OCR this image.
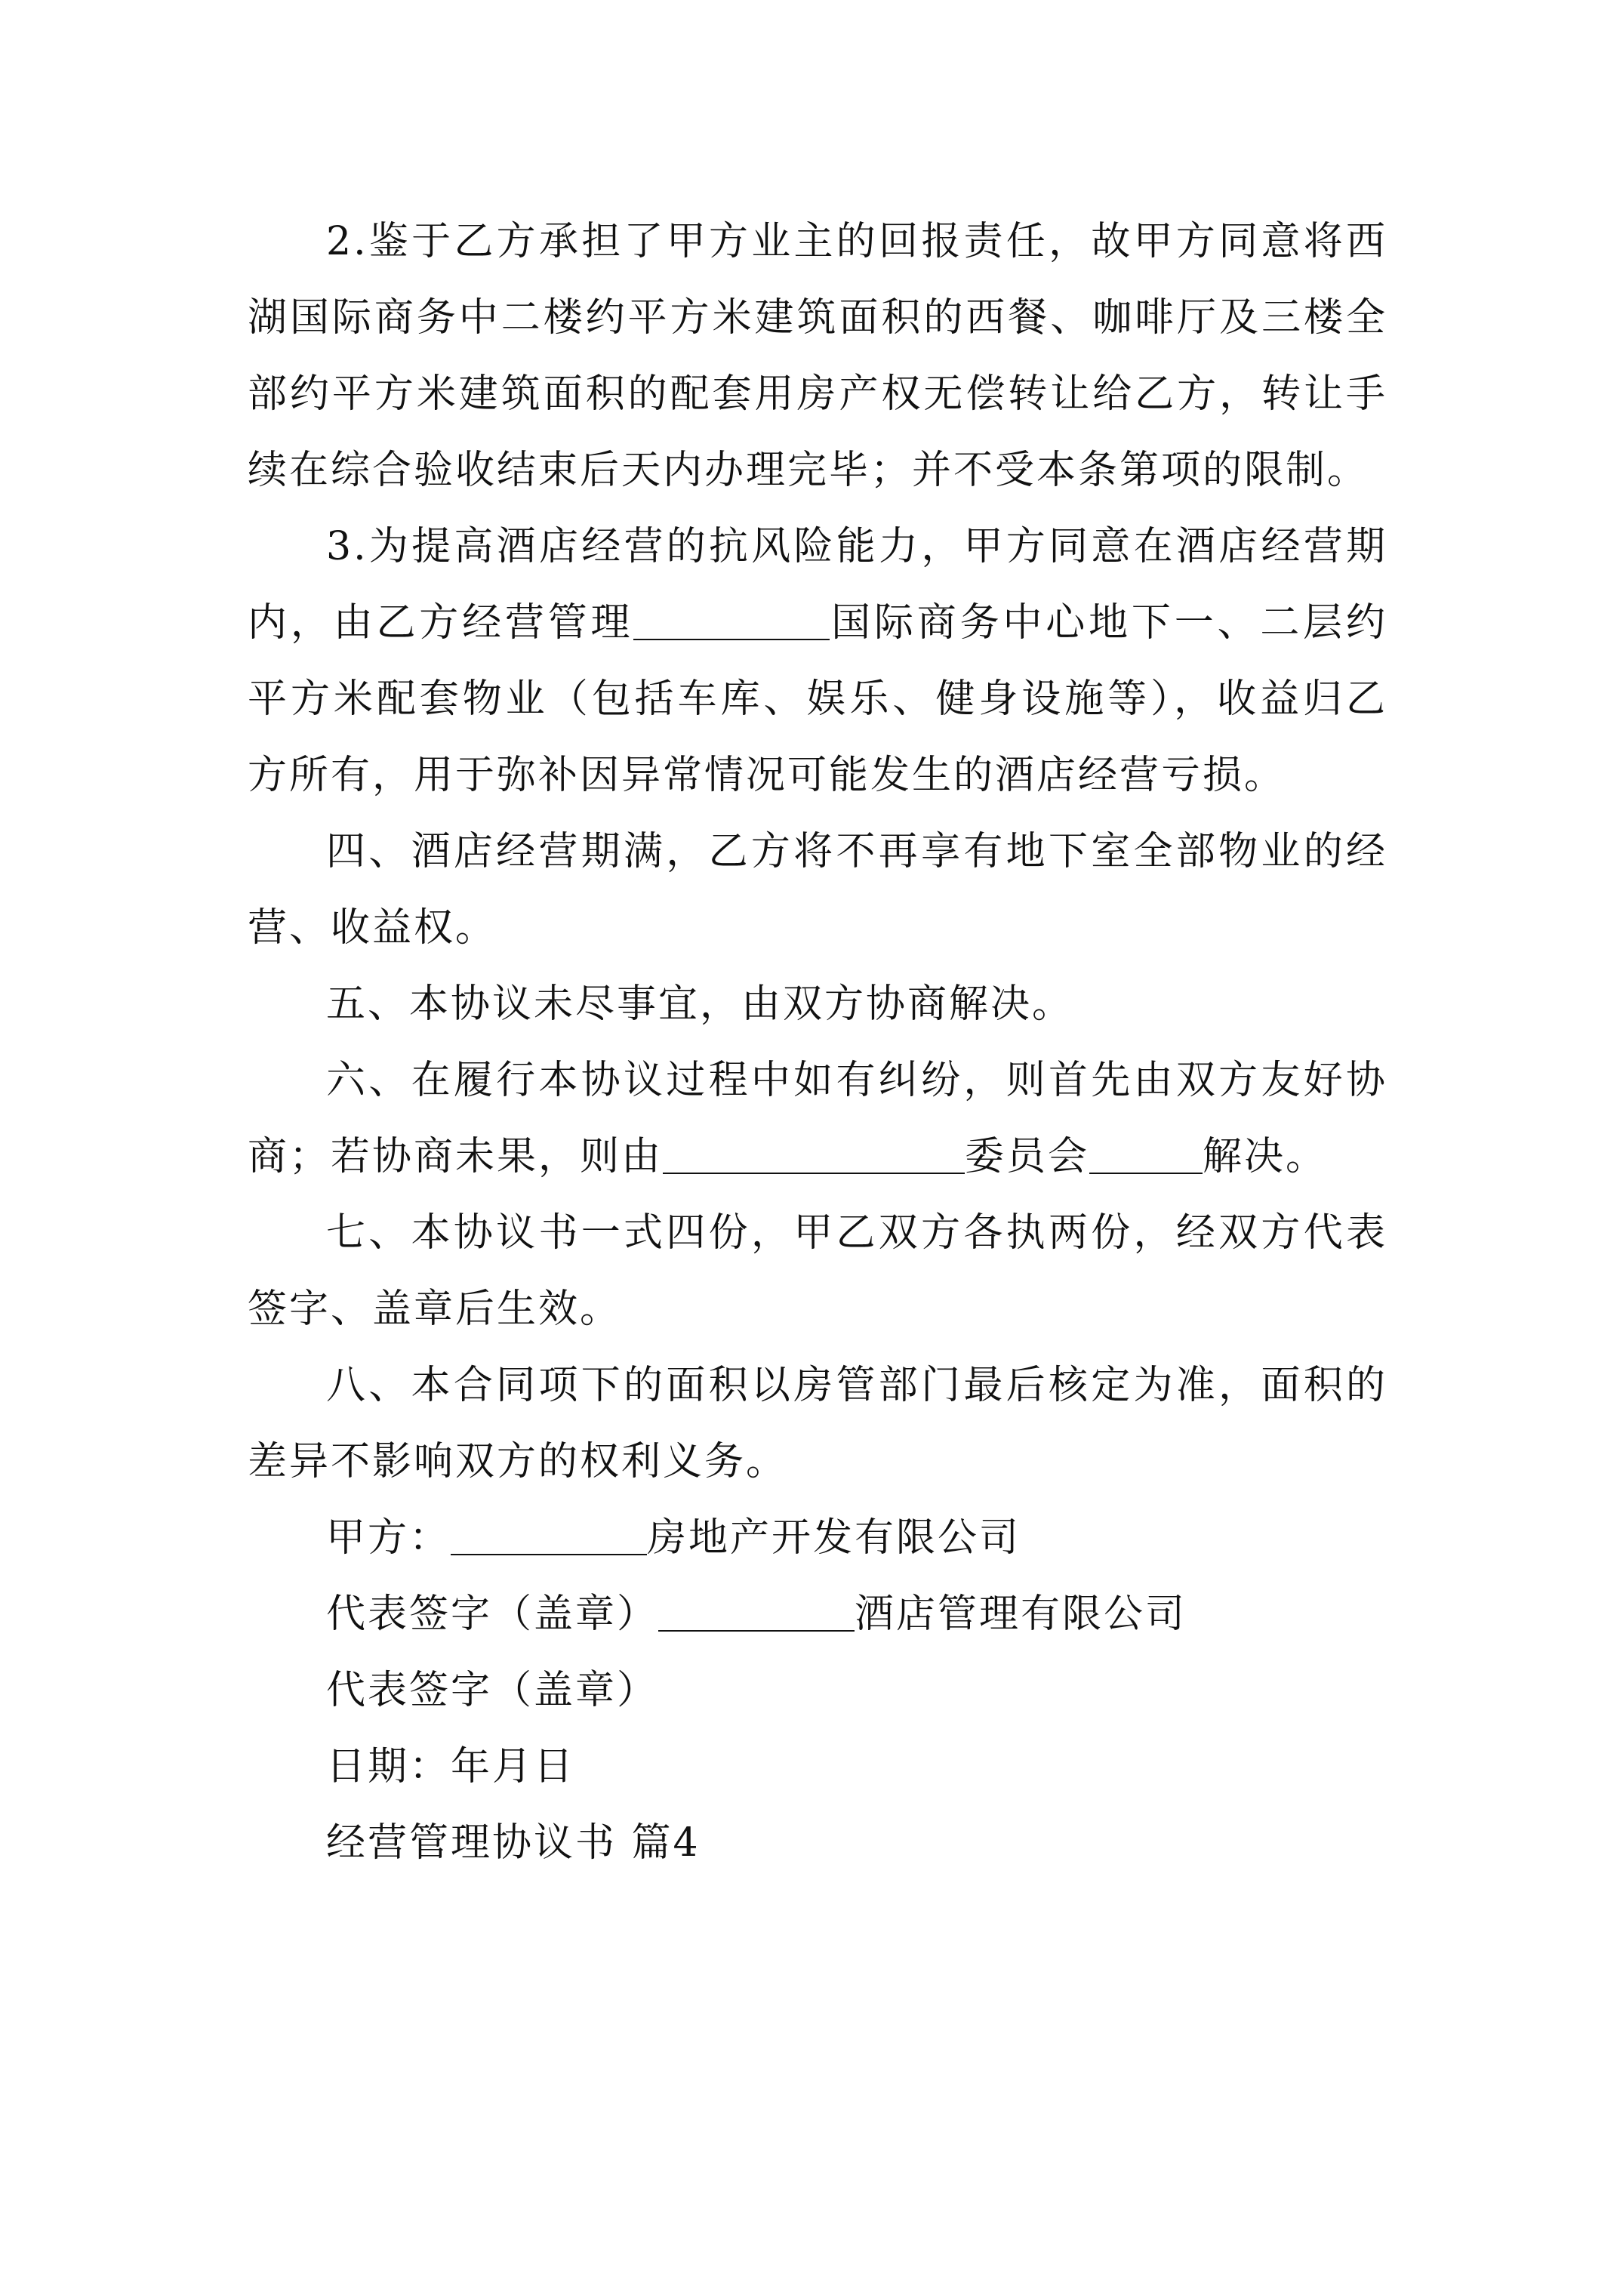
2.鉴于乙方承担了甲方业主的回报责任，故甲方同意将西湖国际商务中二楼约平方米建筑面积的西餐、咖啡厅及三楼全部约平方米建筑面积的配套用房产权无偿转让给乙方，转让手续在综合验收结束后天内办理完毕；并不受本条第项的限制。

3.为提高酒店经营的抗风险能力，甲方同意在酒店经营期内，由乙方经营管理	国际商务中心地下一、二层约平方米配套物业（包括车库、娱乐、健身设施等），收益归乙方所有，用于弥补因异常情况可能发生的酒店经营亏损。

四、酒店经营期满，乙方将不再享有地下室全部物业的经营、收益权。

五、本协议未尽事宜，由双方协商解决。

六、在履行本协议过程中如有纠纷，则首先由双方友好协商；若协商未果，则由	委员会	解决。

七、本协议书一式四份，甲乙双方各执两份，经双方代表签字、盖章后生效。

八、本合同项下的面积以房管部门最后核定为准，面积的差异不影响双方的权利义务。

甲方：	房地产开发有限公司

代表签字（盖章）	酒店管理有限公司

代表签字（盖章）

日期：年月日

经营管理协议书 篇4
